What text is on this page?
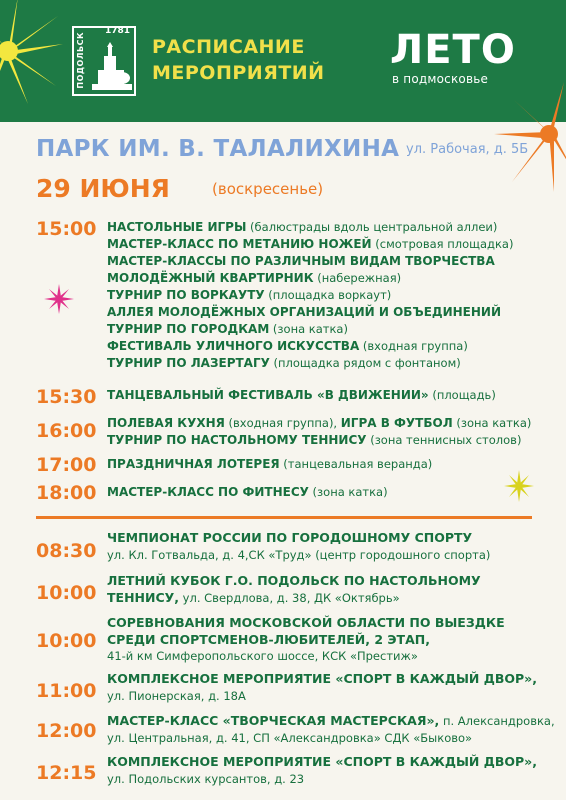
1781
ПОДОЛЬСК	РАСПИСАНИЕ
МЕРОПРИЯТИЙ ЛЕТО
в подмосковье
ПАРК ИМ. В. ТАЛАЛИХИНА ул. Рабочая, д. 5Б
29 ИЮНЯ	(воскресенье)
15:00 НАСТОЛЬНЫЕ ИГРЫ (балюстрады вдоль центральной аллеи)
МАСТЕР-КЛАСС ПО МЕТАНИЮ НОЖЕЙ (смотровая площадка)
МАСТЕР-КЛАССЫ ПО РАЗЛИЧНЫМ ВИДАМ ТВОРЧЕСТВА
МОЛОДЁЖНЫЙ КВАРТИРНИК (набережная)
ТУРНИР ПО ВОРКАУТУ (площадка воркаут)
АЛЛЕЯ МОЛОДЁЖНЫХ ОРГАНИЗАЦИЙ И ОБЪЕДИНЕНИЙ
ТУРНИР ПО ГОРОДКАМ (зона катка)
ФЕСТИВАЛЬ УЛИЧНОГО ИСКУССТВА (входная группа)
ТУРНИР ПО ЛАЗЕРТАГУ (площадка рядом с фонтаном)
15:30 ТАНЦЕВАЛЬНЫЙ ФЕСТИВАЛЬ «В ДВИЖЕНИИ» (площадь)
16:00 ПОЛЕВАЯ КУХНЯ (входная группа), ИГРА В ФУТБОЛ (зона катка)
ТУРНИР ПО НАСТОЛЬНОМУ ТЕННИСУ (зона теннисных столов)
17:00 ПРАЗДНИЧНАЯ ЛОТЕРЕЯ (танцевальная веранда)
18:00 МАСТЕР-КЛАСС ПО ФИТНЕСУ (зона катка)
08:30
ЧЕМПИОНАТ РОССИИ ПО ГОРОДОШНОМУ СПОРТУ
ул. Кл. Готвальда, д. 4,СК «Труд» (центр городошного спорта)
10:00
ЛЕТНИЙ КУБОК Г.О. ПОДОЛЬСК ПО НАСТОЛЬНОМУ
ТЕННИСУ, ул. Свердлова, д. 38, ДК «Октябрь»
10:00
СОРЕВНОВАНИЯ МОСКОВСКОЙ ОБЛАСТИ ПО ВЫЕЗДКЕ
СРЕДИ СПОРТСМЕНОВ-ЛЮБИТЕЛЕЙ, 2 ЭТАП,
41-й км Симферопольского шоссе, КСК «Престиж»
11:00
КОМПЛЕКСНОЕ МЕРОПРИЯТИЕ «СПОРТ В КАЖДЫЙ ДВОР»,
ул. Пионерская, д. 18А
12:00 МАСТЕР-КЛАСС «ТВОРЧЕСКАЯ МАСТЕРСКАЯ», п. Александровка,
ул. Центральная, д. 41, СП «Александровка» СДК «Быково»
12:15
КОМПЛЕКСНОЕ МЕРОПРИЯТИЕ «СПОРТ В КАЖДЫЙ ДВОР»,
ул. Подольских курсантов, д. 23
